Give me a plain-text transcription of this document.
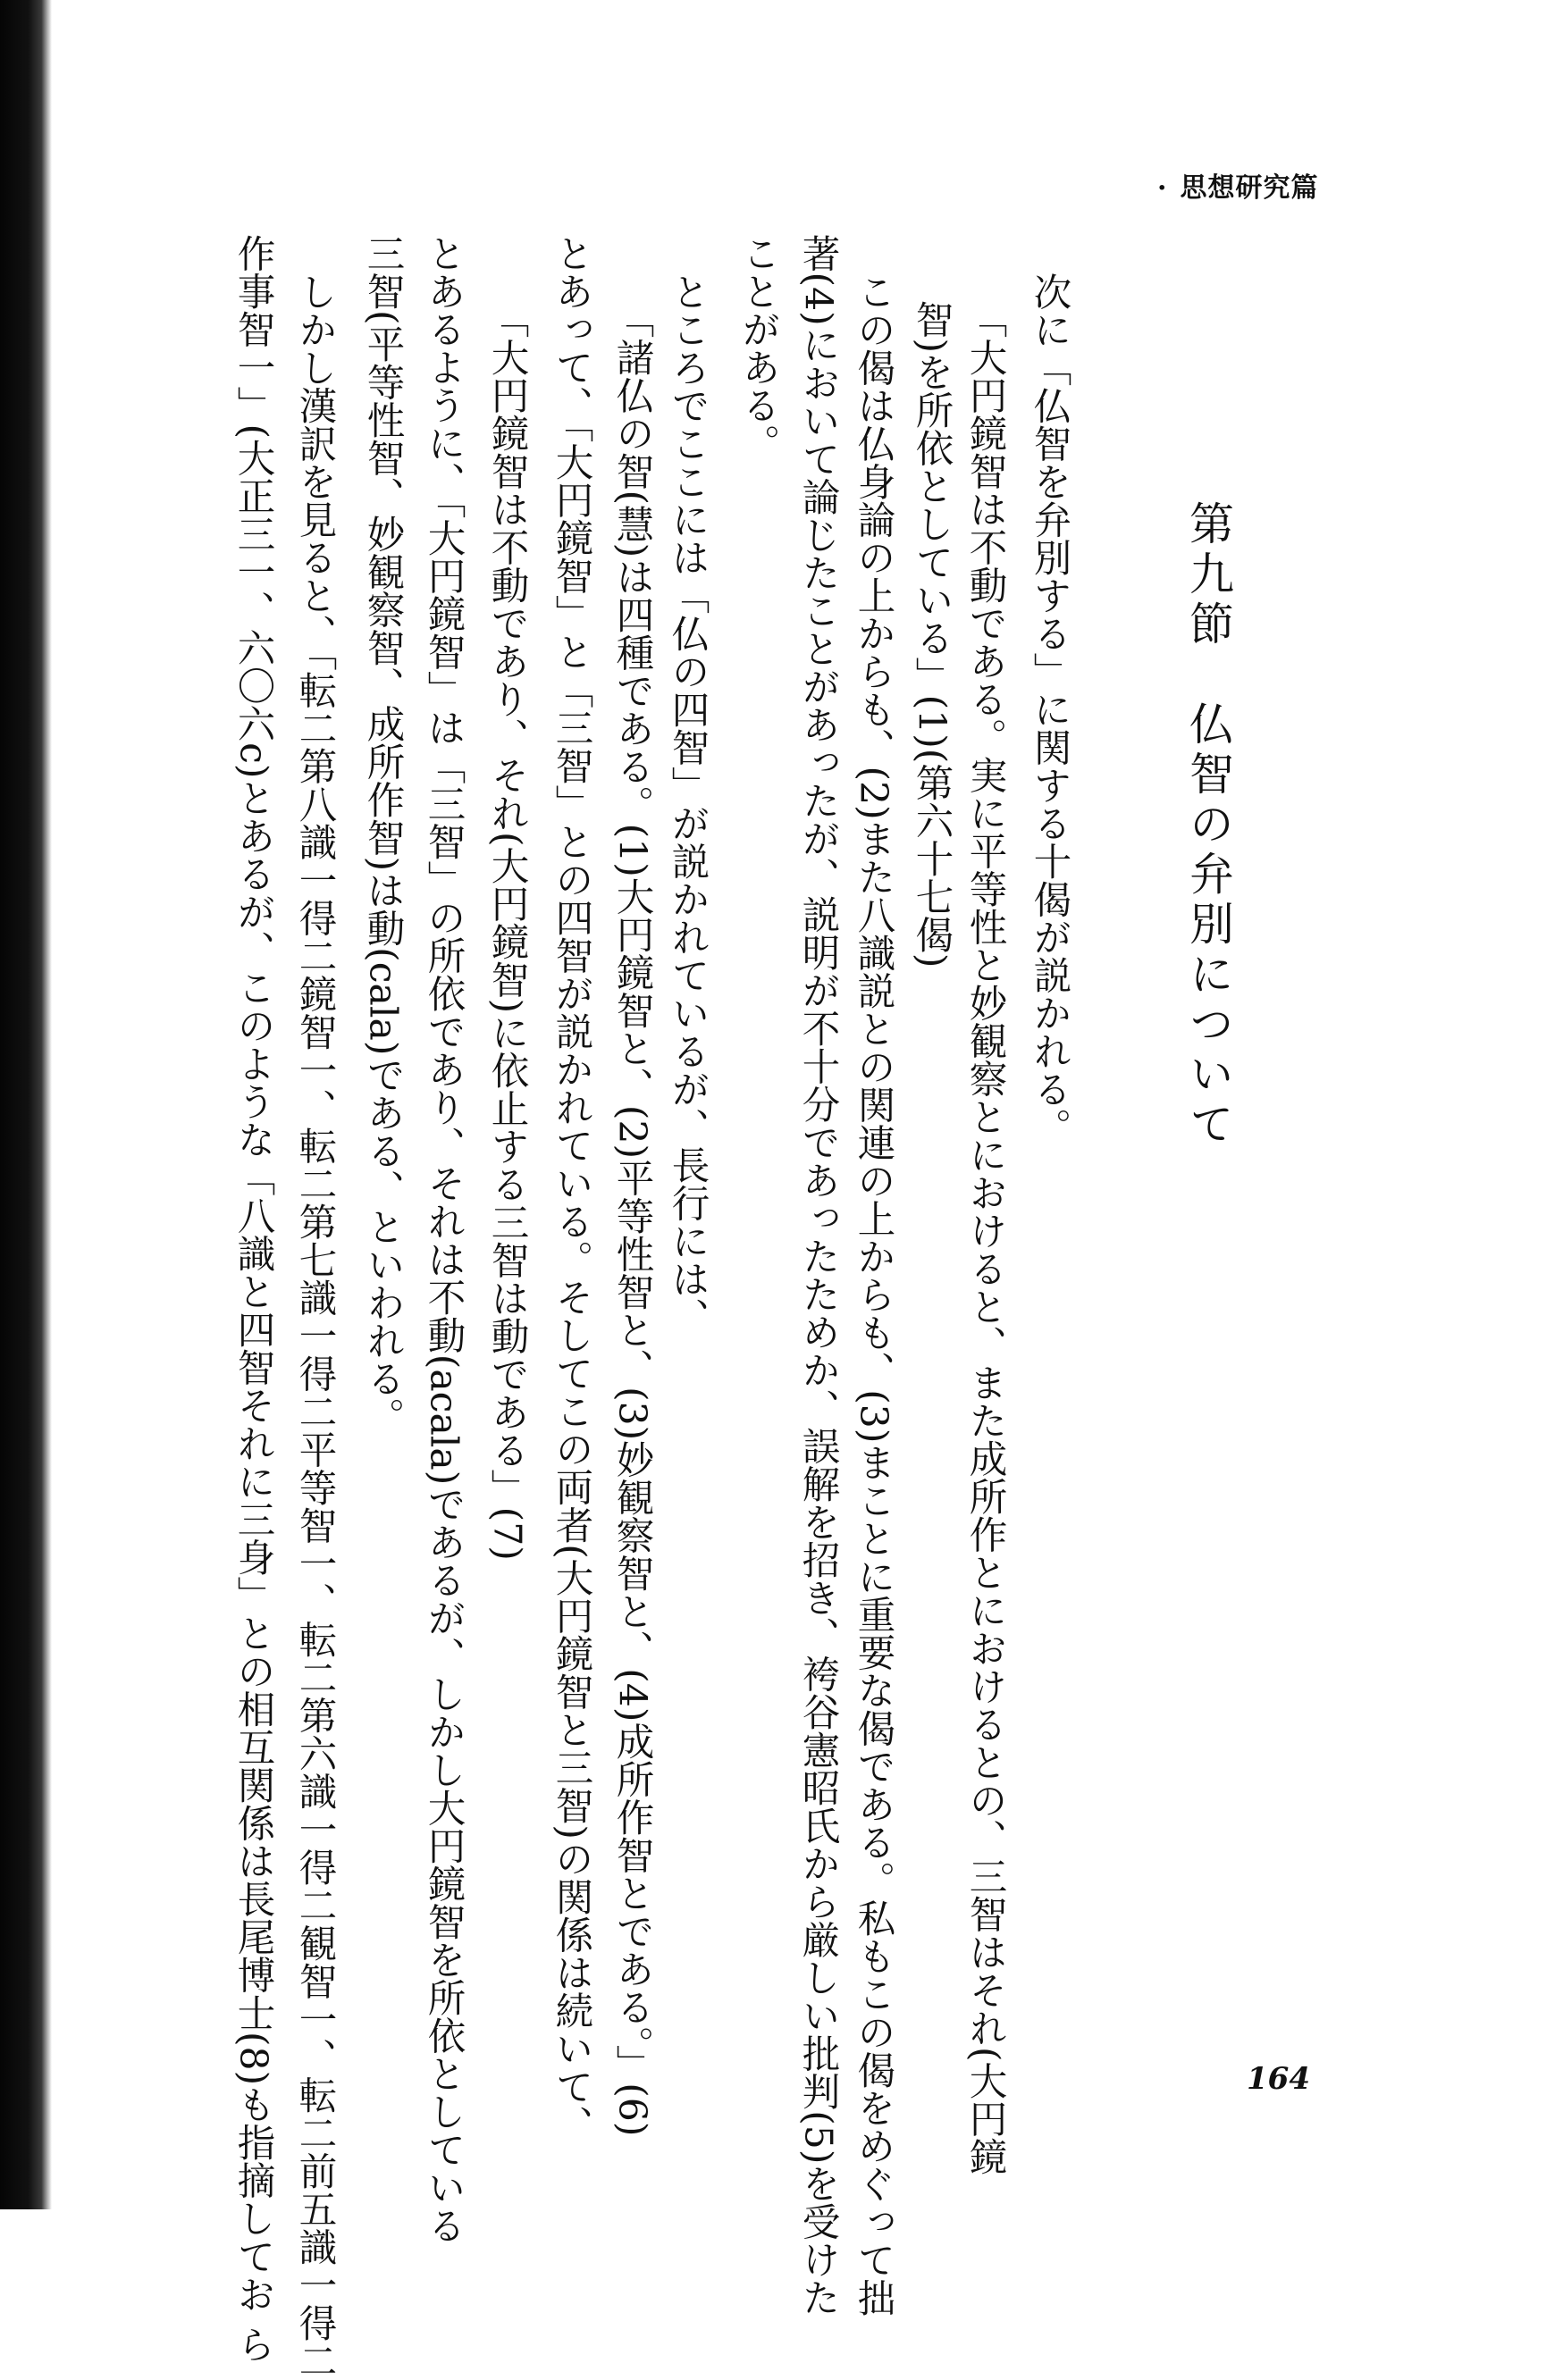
· 思想研究篇
第九節　仏智の弁別について
次に「仏智を弁別する」に関する十偈が説かれる。
「大円鏡智は不動である。実に平等性と妙観察とにおけると、また成所作とにおけるとの、三智はそれ(大円鏡
智)を所依としている」(1)(第六十七偈)
この偈は仏身論の上からも、(2)また八識説との関連の上からも、(3)まことに重要な偈である。私もこの偈をめぐって拙
著(4)において論じたことがあったが、説明が不十分であったためか、誤解を招き、袴谷憲昭氏から厳しい批判(5)を受けた
ことがある。
ところでここには「仏の四智」が説かれているが、長行には、
「諸仏の智(慧)は四種である。(1)大円鏡智と、(2)平等性智と、(3)妙観察智と、(4)成所作智とである。」(6)
とあって、「大円鏡智」と「三智」との四智が説かれている。そしてこの両者(大円鏡智と三智)の関係は続いて、
「大円鏡智は不動であり、それ(大円鏡智)に依止する三智は動である」(7)
とあるように、「大円鏡智」は「三智」の所依であり、それは不動(acala)であるが、しかし大円鏡智を所依としている
三智(平等性智、妙観察智、成所作智)は動(cala)である、といわれる。
しかし漢訳を見ると、「転二第八識一得二鏡智一、転二第七識一得二平等智一、転二第六識一得二観智一、転二前五識一得二
作事智一」(大正三一、六〇六c)とあるが、このような「八識と四智それに三身」との相互関係は長尾博士(8)も指摘してお ら	164
